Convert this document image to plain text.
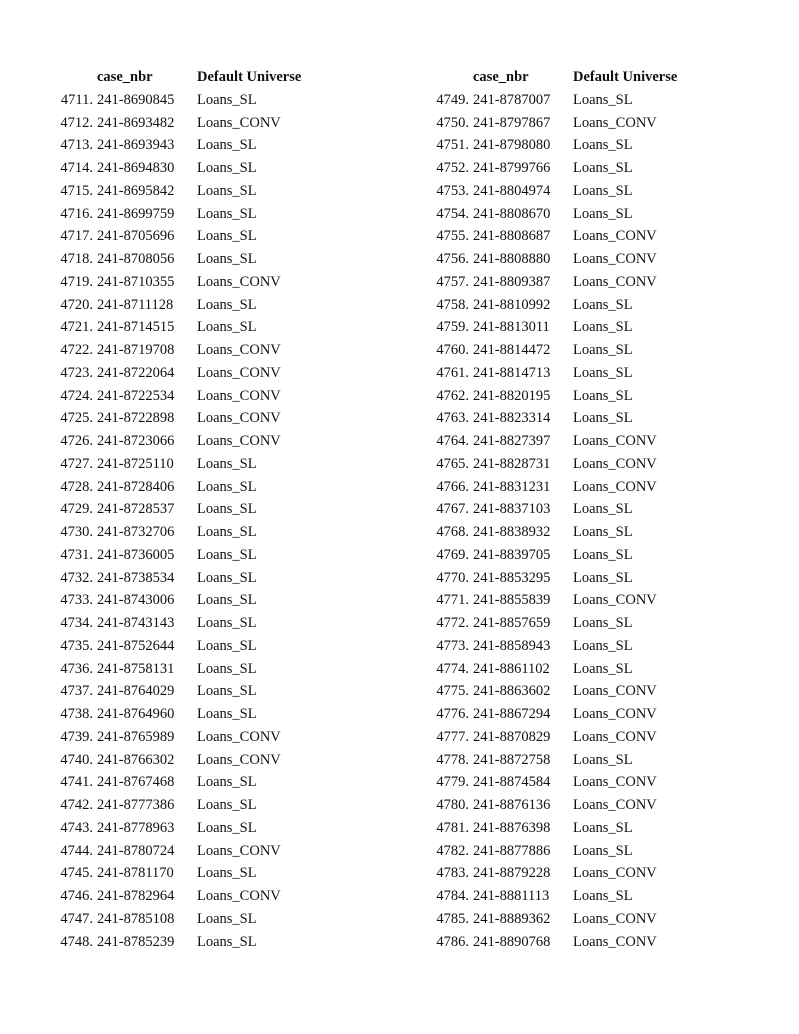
case_nbr	Default Universe
4711. 241-8690845	Loans_SL
4712. 241-8693482	Loans_CONV
4713. 241-8693943	Loans_SL
4714. 241-8694830	Loans_SL
4715. 241-8695842	Loans_SL
4716. 241-8699759	Loans_SL
4717. 241-8705696	Loans_SL
4718. 241-8708056	Loans_SL
4719. 241-8710355	Loans_CONV
4720. 241-8711128	Loans_SL
4721. 241-8714515	Loans_SL
4722. 241-8719708	Loans_CONV
4723. 241-8722064	Loans_CONV
4724. 241-8722534	Loans_CONV
4725. 241-8722898	Loans_CONV
4726. 241-8723066	Loans_CONV
4727. 241-8725110	Loans_SL
4728. 241-8728406	Loans_SL
4729. 241-8728537	Loans_SL
4730. 241-8732706	Loans_SL
4731. 241-8736005	Loans_SL
4732. 241-8738534	Loans_SL
4733. 241-8743006	Loans_SL
4734. 241-8743143	Loans_SL
4735. 241-8752644	Loans_SL
4736. 241-8758131	Loans_SL
4737. 241-8764029	Loans_SL
4738. 241-8764960	Loans_SL
4739. 241-8765989	Loans_CONV
4740. 241-8766302	Loans_CONV
4741. 241-8767468	Loans_SL
4742. 241-8777386	Loans_SL
4743. 241-8778963	Loans_SL
4744. 241-8780724	Loans_CONV
4745. 241-8781170	Loans_SL
4746. 241-8782964	Loans_CONV
4747. 241-8785108	Loans_SL
4748. 241-8785239	Loans_SL
case_nbr	Default Universe
4749. 241-8787007	Loans_SL
4750. 241-8797867	Loans_CONV
4751. 241-8798080	Loans_SL
4752. 241-8799766	Loans_SL
4753. 241-8804974	Loans_SL
4754. 241-8808670	Loans_SL
4755. 241-8808687	Loans_CONV
4756. 241-8808880	Loans_CONV
4757. 241-8809387	Loans_CONV
4758. 241-8810992	Loans_SL
4759. 241-8813011	Loans_SL
4760. 241-8814472	Loans_SL
4761. 241-8814713	Loans_SL
4762. 241-8820195	Loans_SL
4763. 241-8823314	Loans_SL
4764. 241-8827397	Loans_CONV
4765. 241-8828731	Loans_CONV
4766. 241-8831231	Loans_CONV
4767. 241-8837103	Loans_SL
4768. 241-8838932	Loans_SL
4769. 241-8839705	Loans_SL
4770. 241-8853295	Loans_SL
4771. 241-8855839	Loans_CONV
4772. 241-8857659	Loans_SL
4773. 241-8858943	Loans_SL
4774. 241-8861102	Loans_SL
4775. 241-8863602	Loans_CONV
4776. 241-8867294	Loans_CONV
4777. 241-8870829	Loans_CONV
4778. 241-8872758	Loans_SL
4779. 241-8874584	Loans_CONV
4780. 241-8876136	Loans_CONV
4781. 241-8876398	Loans_SL
4782. 241-8877886	Loans_SL
4783. 241-8879228	Loans_CONV
4784. 241-8881113	Loans_SL
4785. 241-8889362	Loans_CONV
4786. 241-8890768	Loans_CONV
